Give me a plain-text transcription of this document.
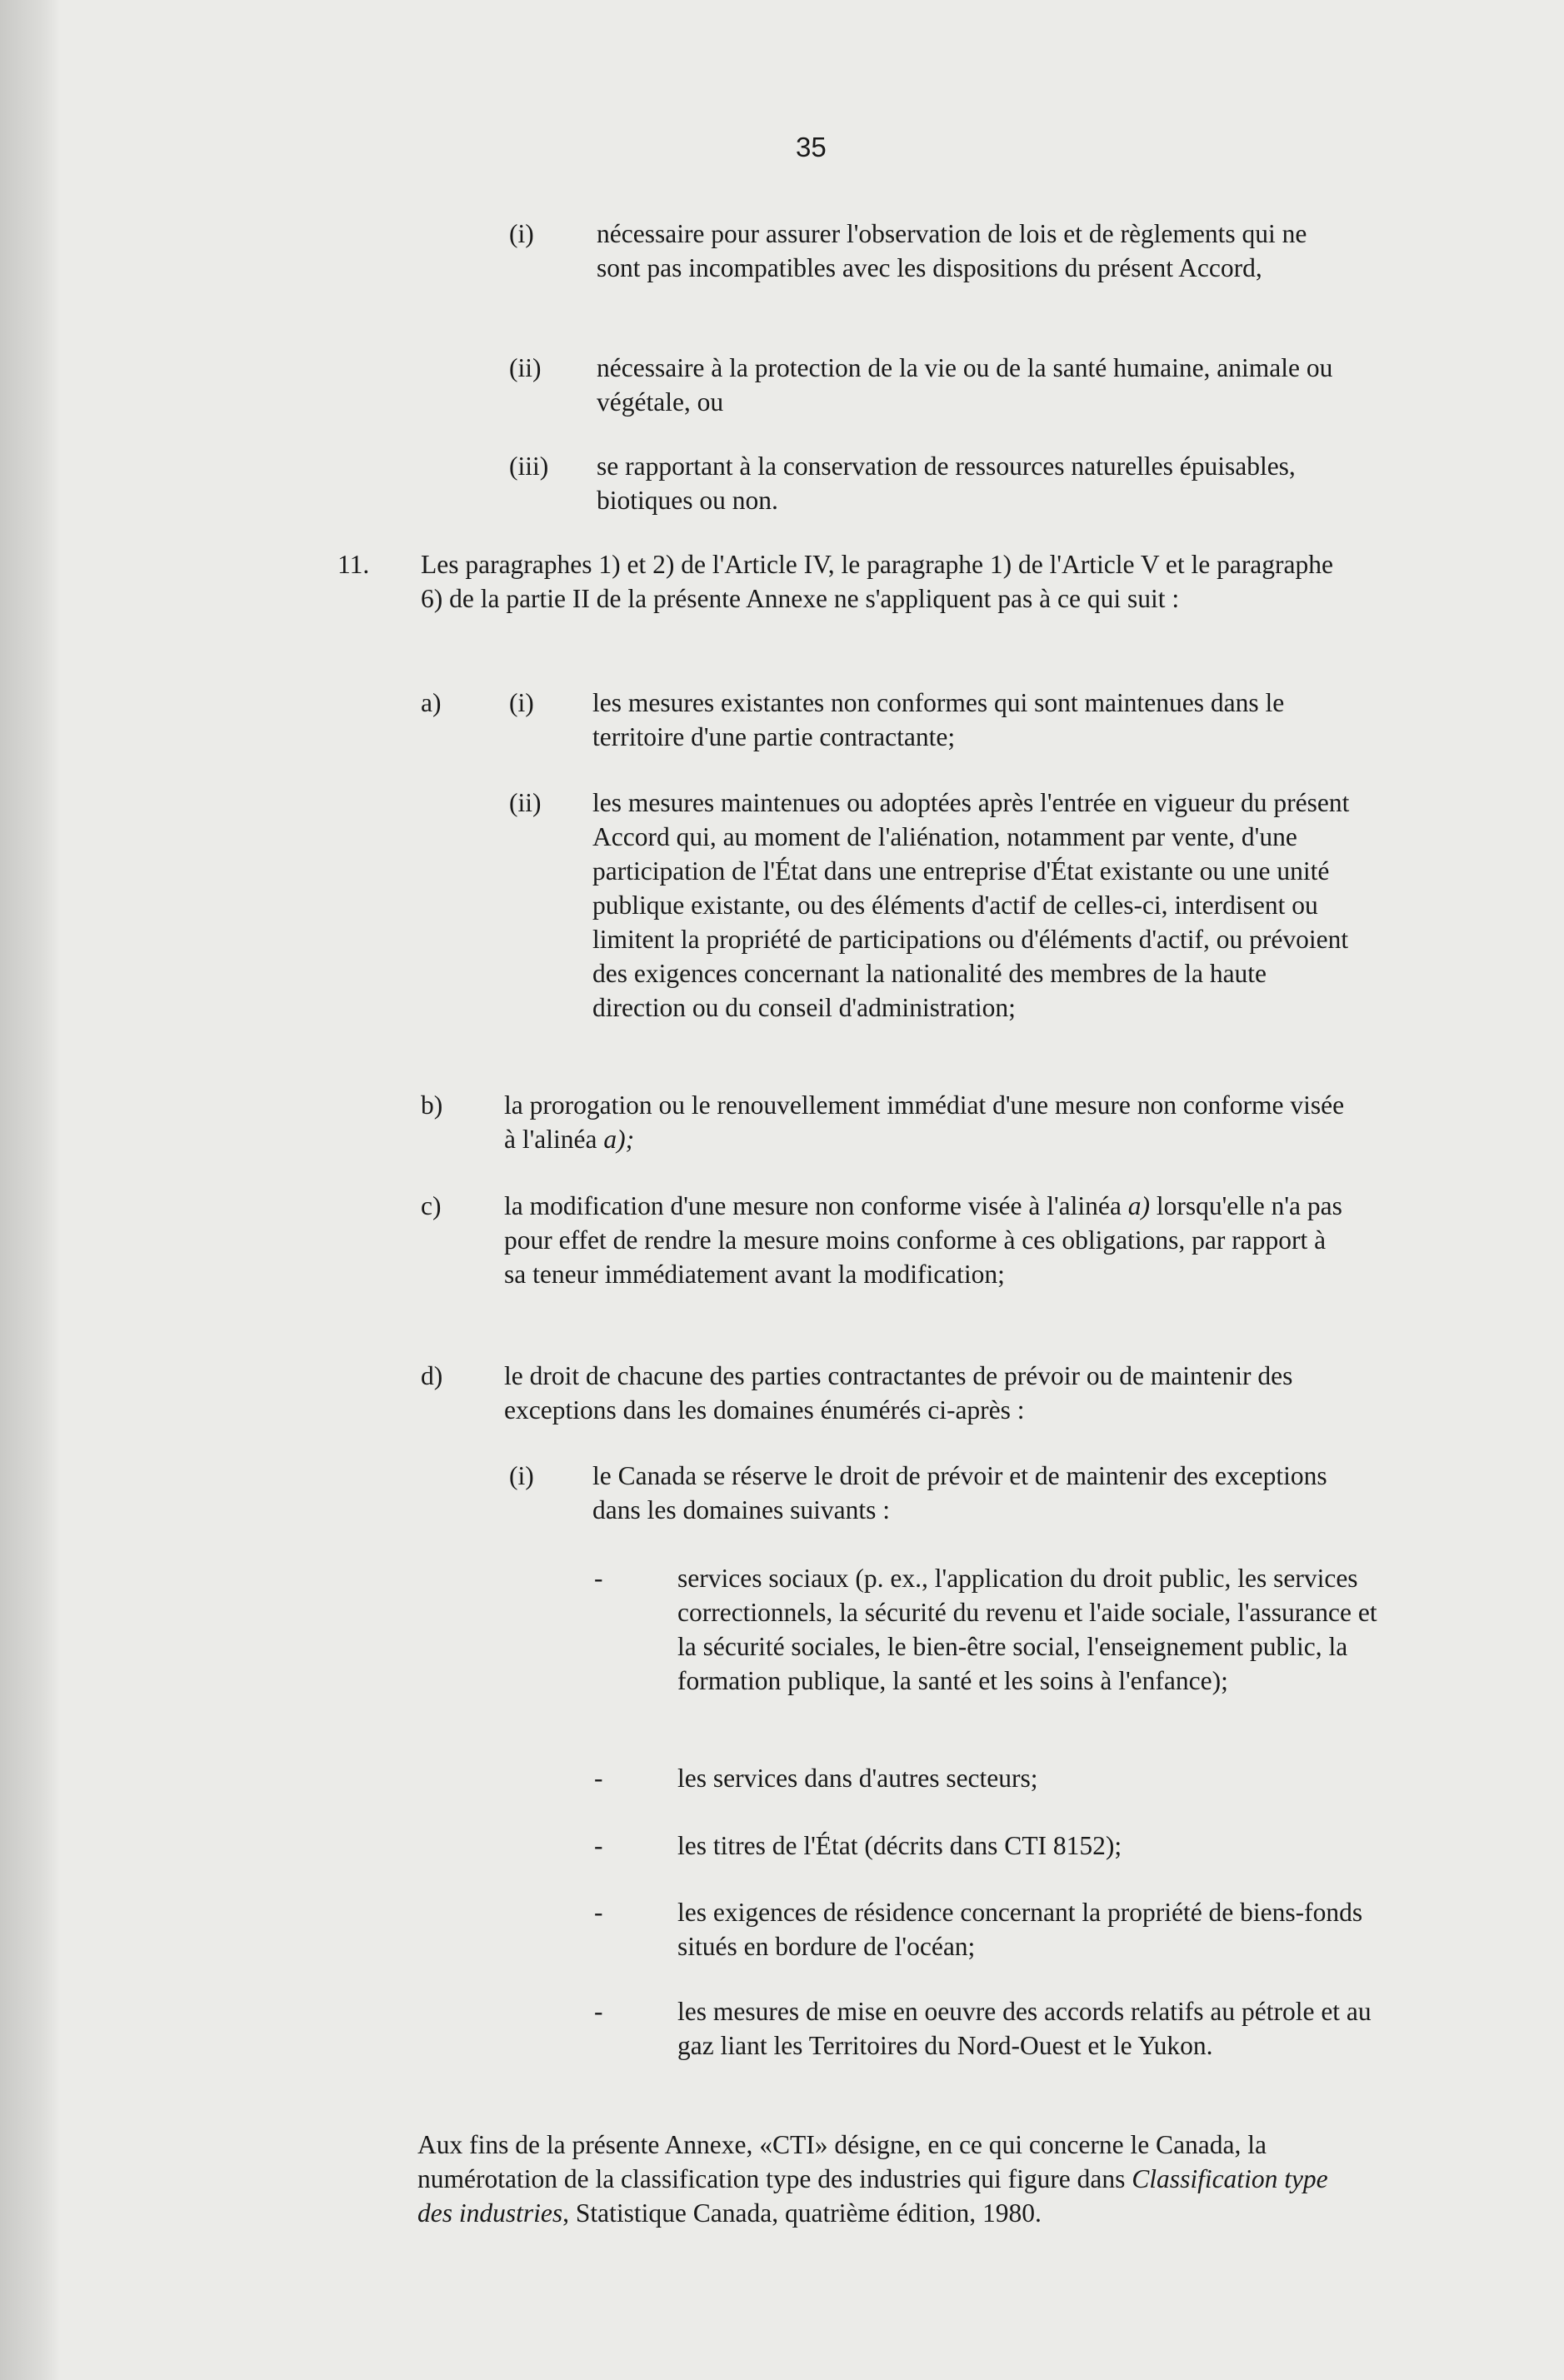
35
(i) nécessaire pour assurer l'observation de lois et de règlements qui ne sont pas incompatibles avec les dispositions du présent Accord,

(ii) nécessaire à la protection de la vie ou de la santé humaine, animale ou végétale, ou

(iii) se rapportant à la conservation de ressources naturelles épuisables, biotiques ou non.

11. Les paragraphes 1) et 2) de l'Article IV, le paragraphe 1) de l'Article V et le paragraphe 6) de la partie II de la présente Annexe ne s'appliquent pas à ce qui suit :

a)	(i) les mesures existantes non conformes qui sont maintenues dans le territoire d'une partie contractante;

(ii) les mesures maintenues ou adoptées après l'entrée en vigueur du présent Accord qui, au moment de l'aliénation, notamment par vente, d'une participation de l'État dans une entreprise d'État existante ou une unité publique existante, ou des éléments d'actif de celles-ci, interdisent ou limitent la propriété de participations ou d'éléments d'actif, ou prévoient des exigences concernant la nationalité des membres de la haute direction ou du conseil d'administration;

b) la prorogation ou le renouvellement immédiat d'une mesure non conforme visée à l'alinéa a);

c) la modification d'une mesure non conforme visée à l'alinéa a) lorsqu'elle n'a pas pour effet de rendre la mesure moins conforme à ces obligations, par rapport à sa teneur immédiatement avant la modification;

d) le droit de chacune des parties contractantes de prévoir ou de maintenir des exceptions dans les domaines énumérés ci-après :

(i) le Canada se réserve le droit de prévoir et de maintenir des exceptions dans les domaines suivants :

-	services sociaux (p. ex., l'application du droit public, les services correctionnels, la sécurité du revenu et l'aide sociale, l'assurance et la sécurité sociales, le bien-être social, l'enseignement public, la formation publique, la santé et les soins à l'enfance);

-	les services dans d'autres secteurs;

-	les titres de l'État (décrits dans CTI 8152);

-	les exigences de résidence concernant la propriété de biens-fonds situés en bordure de l'océan;

-	les mesures de mise en oeuvre des accords relatifs au pétrole et au gaz liant les Territoires du Nord-Ouest et le Yukon.

Aux fins de la présente Annexe, «CTI» désigne, en ce qui concerne le Canada, la numérotation de la classification type des industries qui figure dans Classification type des industries, Statistique Canada, quatrième édition, 1980.
